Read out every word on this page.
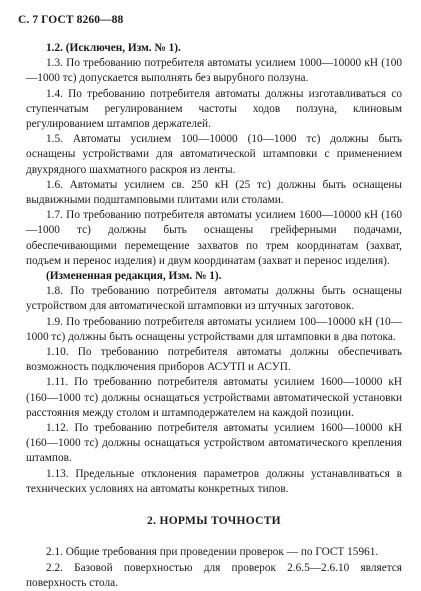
С. 7 ГОСТ 8260—88

1.2. (Исключен, Изм. № 1).

1.3. По требованию потребителя автоматы усилием 1000—10000 кН (100—1000 тс) допускается выполнять без вырубного ползуна.

1.4. По требованию потребителя автоматы должны изготавливаться со ступенчатым регулированием частоты ходов ползуна, клиновым регулированием штампов держателей.

1.5. Автоматы усилием 100—10000 (10—1000 тс) должны быть оснащены устройствами для автоматической штамповки с применением двухрядного шахматного раскроя из ленты.

1.6. Автоматы усилием св. 250 кН (25 тс) должны быть оснащены выдвижными подштамповыми плитами или столами.

1.7. По требованию потребителя автоматы усилием 1600—10000 кН (160—1000 тс) должны быть оснащены грейферными подачами, обеспечивающими перемещение захватов по трем координатам (захват, подъем и перенос изделия) и двум координатам (захват и перенос изделия).

(Измененная редакция, Изм. № 1).

1.8. По требованию потребителя автоматы должны быть оснащены устройством для автоматической штамповки из штучных заготовок.

1.9. По требованию потребителя автоматы усилием 100—10000 кН (10—1000 тс) должны быть оснащены устройствами для штамповки в два потока.

1.10. По требованию потребителя автоматы должны обеспечивать возможность подключения приборов АСУТП и АСУП.

1.11. По требованию потребителя автоматы усилием 1600—10000 кН (160—1000 тс) должны оснащаться устройствами автоматической установки расстояния между столом и штамподержателем на каждой позиции.

1.12. По требованию потребителя автоматы усилием 1600—10000 кН (160—1000 тс) должны оснащаться устройством автоматического крепления штампов.

1.13. Предельные отклонения параметров должны устанавливаться в технических условиях на автоматы конкретных типов.

2. НОРМЫ ТОЧНОСТИ

2.1. Общие требования при проведении проверок — по ГОСТ 15961.

2.2. Базовой поверхностью для проверок 2.6.5—2.6.10 является поверхность стола.
